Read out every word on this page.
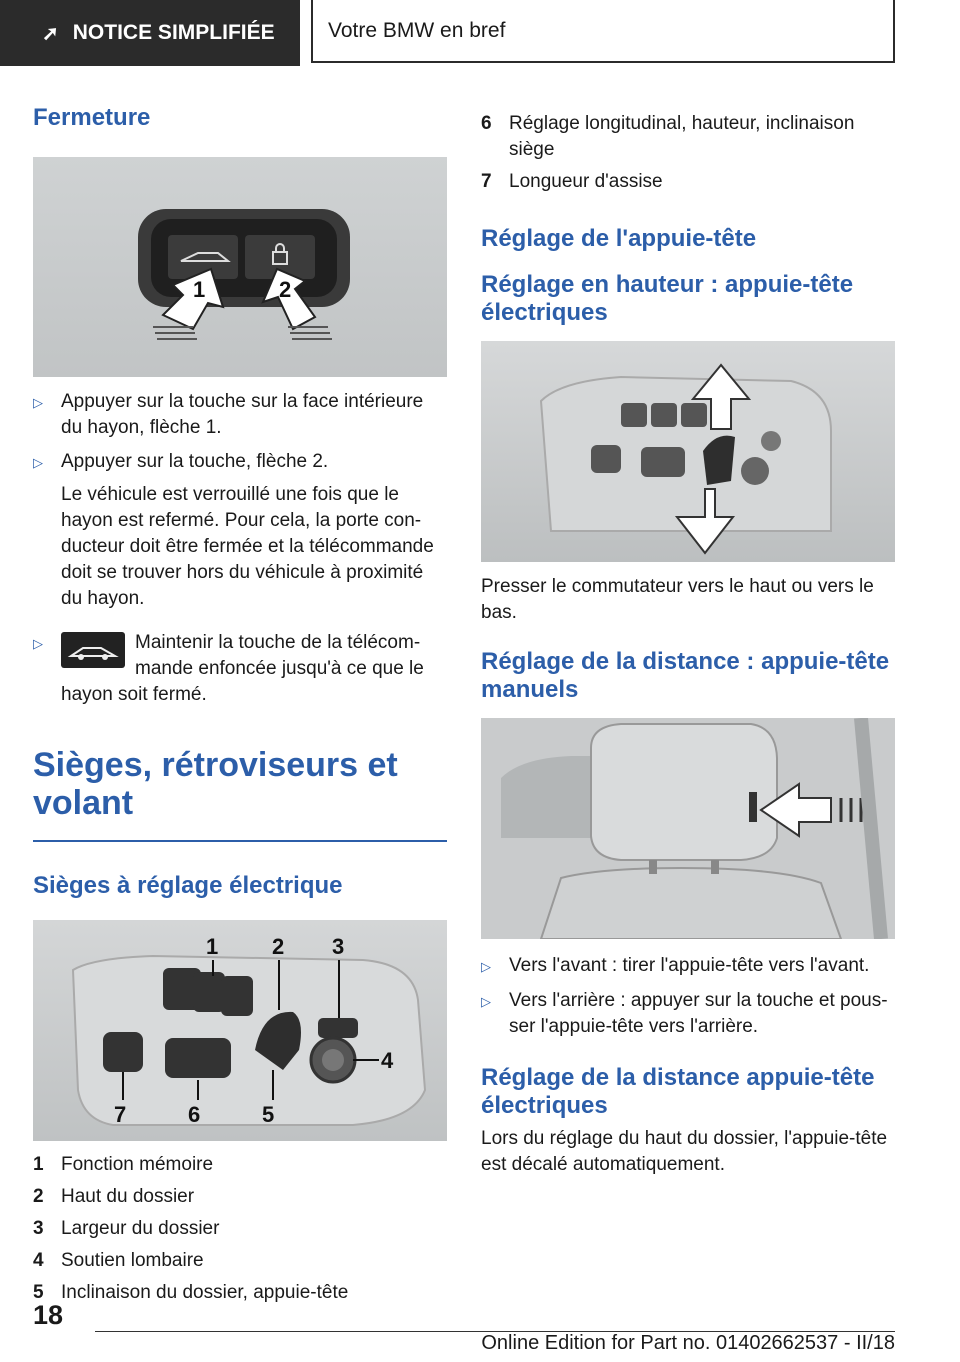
➚ NOTICE SIMPLIFIÉE	Votre BMW en bref
Fermeture
1	2
▷ Appuyer sur la touche sur la face intérieure du hayon, flèche 1.
▷ Appuyer sur la touche, flèche 2.

Le véhicule est verrouillé une fois que le hayon est refermé. Pour cela, la porte con‐ducteur doit être fermée et la télécommande doit se trouver hors du véhicule à proximité du hayon.

▷	Maintenir la touche de la télécom‐mande enfoncée jusqu'à ce que le hayon soit fermé.
Sièges, rétroviseurs et volant
Sièges à réglage électrique
1 2 3
4
5
6
7
1 Fonction mémoire
2 Haut du dossier
3 Largeur du dossier
4 Soutien lombaire
5 Inclinaison du dossier, appuie-tête
6 Réglage longitudinal, hauteur, inclinaison siège
7 Longueur d'assise
Réglage de l'appuie-tête
Réglage en hauteur : appuie-tête électriques

Presser le commutateur vers le haut ou vers le bas.

Réglage de la distance : appuie-tête manuels
▷ Vers l'avant : tirer l'appuie-tête vers l'avant.
▷ Vers l'arrière : appuyer sur la touche et pous‐ser l'appuie-tête vers l'arrière.
Réglage de la distance appuie-tête électriques

Lors du réglage du haut du dossier, l'appuie-tête est décalé automatiquement.

18
Online Edition for Part no. 01402662537 - II/18
